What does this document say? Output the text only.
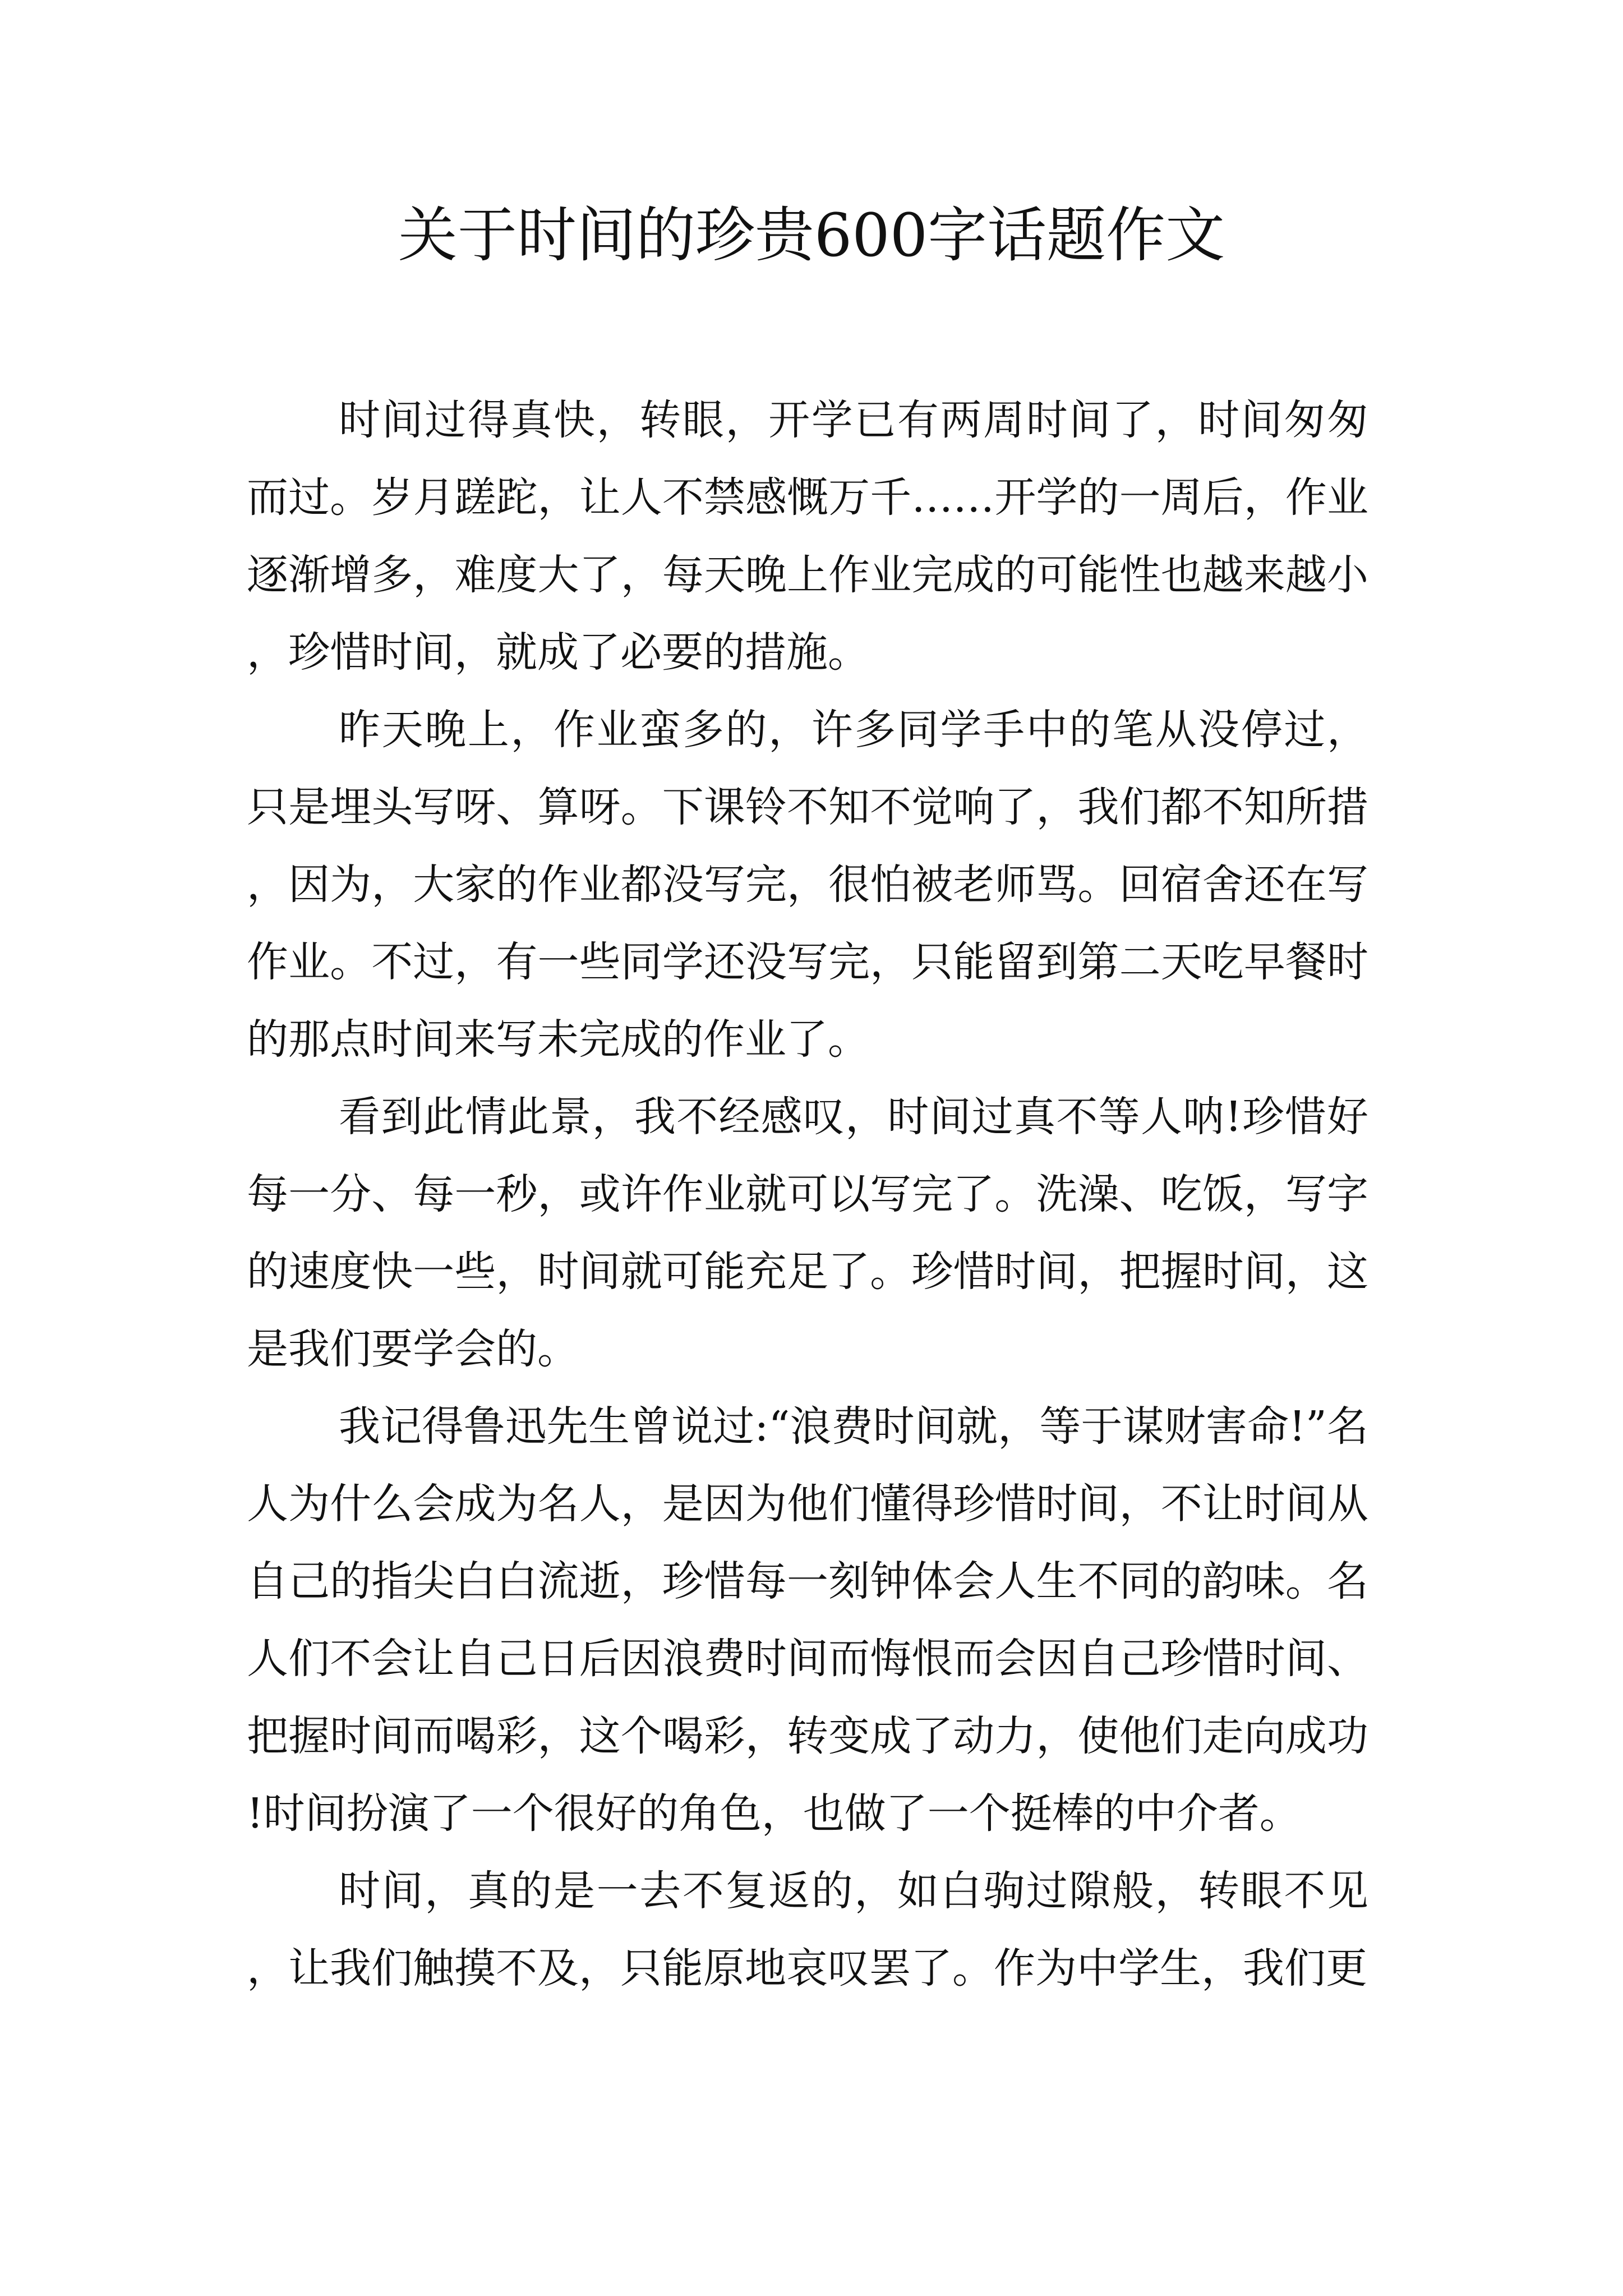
关于时间的珍贵600字话题作文

时间过得真快，转眼，开学已有两周时间了，时间匆匆而过。岁月蹉跎，让人不禁感慨万千……开学的一周后，作业逐渐增多，难度大了，每天晚上作业完成的可能性也越来越小，珍惜时间，就成了必要的措施。

昨天晚上，作业蛮多的，许多同学手中的笔从没停过，只是埋头写呀、算呀。下课铃不知不觉响了，我们都不知所措，因为，大家的作业都没写完，很怕被老师骂。回宿舍还在写作业。不过，有一些同学还没写完，只能留到第二天吃早餐时的那点时间来写未完成的作业了。

看到此情此景，我不经感叹，时间过真不等人呐!珍惜好每一分、每一秒，或许作业就可以写完了。洗澡、吃饭，写字的速度快一些，时间就可能充足了。珍惜时间，把握时间，这是我们要学会的。

我记得鲁迅先生曾说过:“浪费时间就，等于谋财害命!”名人为什么会成为名人，是因为他们懂得珍惜时间，不让时间从自己的指尖白白流逝，珍惜每一刻钟体会人生不同的韵味。名人们不会让自己日后因浪费时间而悔恨而会因自己珍惜时间、把握时间而喝彩，这个喝彩，转变成了动力，使他们走向成功!时间扮演了一个很好的角色，也做了一个挺棒的中介者。

时间，真的是一去不复返的，如白驹过隙般，转眼不见，让我们触摸不及，只能原地哀叹罢了。作为中学生，我们更
